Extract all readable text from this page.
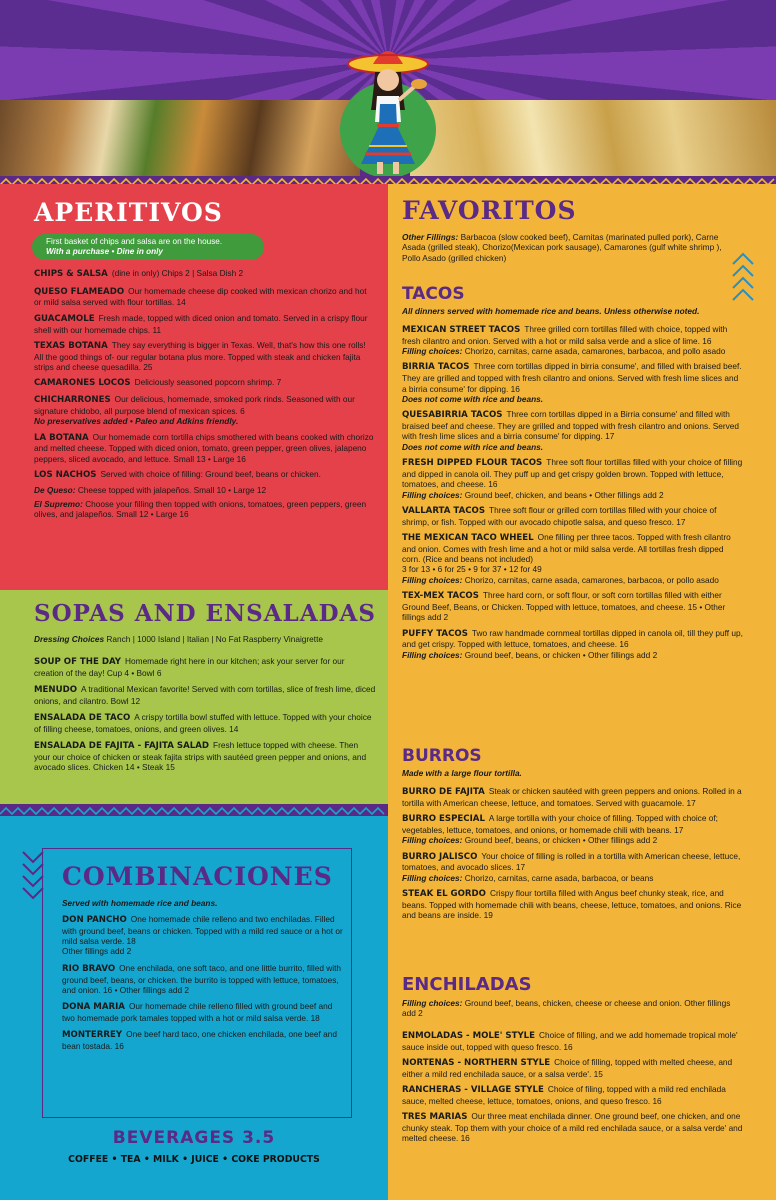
APERITIVOS
First basket of chips and salsa are on the house.
With a purchase • Dine in only
CHIPS & SALSA (dine in only) Chips 2 | Salsa Dish 2
QUESO FLAMEADO Our homemade cheese dip cooked with mexican chorizo and hot or mild salsa served with flour tortillas. 14
GUACAMOLE Fresh made, topped with diced onion and tomato. Served in a crispy flour shell with our homemade chips. 11
TEXAS BOTANA They say everything is bigger in Texas. Well, that's how this one rolls! All the good things of- our regular botana plus more. Topped with steak and chicken fajita strips and cheese quesadilla. 25
CAMARONES LOCOS Deliciously seasoned popcorn shrimp. 7
CHICHARRONES Our delicious, homemade, smoked pork rinds. Seasoned with our signature chidobo, all purpose blend of mexican spices. 6
No preservatives added • Paleo and Adkins friendly.
LA BOTANA Our homemade corn tortilla chips smothered with beans cooked with chorizo and melted cheese. Topped with diced onion, tomato, green pepper, green olives, jalapeno peppers, sliced avocado, and lettuce. Small 13 • Large 16
LOS NACHOS Served with choice of filling: Ground beef, beans or chicken.
De Queso: Cheese topped with jalapeños. Small 10 • Large 12
El Supremo: Choose your filling then topped with onions, tomatoes, green peppers, green olives, and jalapeños. Small 12 • Large 16
SOPAS AND ENSALADAS
Dressing Choices Ranch | 1000 Island | Italian | No Fat Raspberry Vinaigrette
SOUP OF THE DAY Homemade right here in our kitchen; ask your server for our creation of the day! Cup 4 • Bowl 6
MENUDO A traditional Mexican favorite! Served with corn tortillas, slice of fresh lime, diced onions, and cilantro. Bowl 12
ENSALADA DE TACO A crispy tortilla bowl stuffed with lettuce. Topped with your choice of filling cheese, tomatoes, onions, and green olives. 14
ENSALADA DE FAJITA - FAJITA SALAD Fresh lettuce topped with cheese. Then your our choice of chicken or steak fajita strips with sautéed green pepper and onions, and avocado slices. Chicken 14 • Steak 15
COMBINACIONES
Served with homemade rice and beans.
DON PANCHO One homemade chile relleno and two enchiladas. Filled with ground beef, beans or chicken. Topped with a mild red sauce or a hot or mild salsa verde. 18
Other fillings add 2
RIO BRAVO One enchilada, one soft taco, and one little burrito, filled with ground beef, beans, or chicken. the burrito is topped with lettuce, tomatoes, and onion. 16 • Other fillings add 2
DONA MARIA Our homemade chile relleno filled with ground beef and two homemade pork tamales topped with a hot or mild salsa verde. 18
MONTERREY One beef hard taco, one chicken enchilada, one beef and bean tostada. 16
BEVERAGES 3.5
COFFEE • TEA • MILK • JUICE • COKE PRODUCTS
FAVORITOS
Other Fillings: Barbacoa (slow cooked beef), Carnitas (marinated pulled pork), Carne Asada (grilled steak), Chorizo(Mexican pork sausage), Camarones (gulf white shrimp ), Pollo Asado (grilled chicken)
TACOS
All dinners served with homemade rice and beans. Unless otherwise noted.
MEXICAN STREET TACOS Three grilled corn tortillas filled with choice, topped with fresh cilantro and onion. Served with a hot or mild salsa verde and a slice of lime. 16
Filling choices: Chorizo, carnitas, carne asada, camarones, barbacoa, and pollo asado
BIRRIA TACOS Three corn tortillas dipped in birria consume', and filled with braised beef. They are grilled and topped with fresh cilantro and onions. Served with fresh lime slices and a birria consume' for dipping. 16
Does not come with rice and beans.
QUESABIRRIA TACOS Three corn tortillas dipped in a Birria consume' and filled with braised beef and cheese. They are grilled and topped with fresh cilantro and onions. Served with fresh lime slices and a birria consume' for dipping. 17
Does not come with rice and beans.
FRESH DIPPED FLOUR TACOS Three soft flour tortillas filled with your choice of filling and dipped in canola oil. They puff up and get crispy golden brown. Topped with lettuce, tomatoes, and cheese. 16
Filling choices: Ground beef, chicken, and beans • Other fillings add 2
VALLARTA TACOS Three soft flour or grilled corn tortillas filled with your choice of shrimp, or fish. Topped with our avocado chipotle salsa, and queso fresco. 17
THE MEXICAN TACO WHEEL One filling per three tacos. Topped with fresh cilantro and onion. Comes with fresh lime and a hot or mild salsa verde. All tortillas fresh dipped corn. (Rice and beans not included)
3 for 13 • 6 for 25 • 9 for 37 • 12 for 49
Filling choices: Chorizo, carnitas, carne asada, camarones, barbacoa, or pollo asado
TEX-MEX TACOS Three hard corn, or soft flour, or soft corn tortillas filled with either Ground Beef, Beans, or Chicken. Topped with lettuce, tomatoes, and cheese. 15 • Other fillings add 2
PUFFY TACOS Two raw handmade cornmeal tortillas dipped in canola oil, till they puff up, and get crispy. Topped with lettuce, tomatoes, and cheese. 16
Filling choices: Ground beef, beans, or chicken • Other fillings add 2
BURROS
Made with a large flour tortilla.
BURRO DE FAJITA Steak or chicken sautéed with green peppers and onions. Rolled in a tortilla with American cheese, lettuce, and tomatoes. Served with guacamole. 17
BURRO ESPECIAL A large tortilla with your choice of filling. Topped with choice of; vegetables, lettuce, tomatoes, and onions, or homemade chili with beans. 17
Filling choices: Ground beef, beans, or chicken • Other fillings add 2
BURRO JALISCO Your choice of filling is rolled in a tortilla with American cheese, lettuce, tomatoes, and avocado slices. 17
Filling choices: Chorizo, carnitas, carne asada, barbacoa, or beans
STEAK EL GORDO Crispy flour tortilla filled with Angus beef chunky steak, rice, and beans. Topped with homemade chili with beans, cheese, lettuce, tomatoes, and onions. Rice and beans are inside. 19
ENCHILADAS
Filling choices: Ground beef, beans, chicken, cheese or cheese and onion. Other fillings add 2
ENMOLADAS - MOLE' STYLE Choice of filling, and we add homemade tropical mole' sauce inside out, topped with queso fresco. 16
NORTENAS - NORTHERN STYLE Choice of filling, topped with melted cheese, and either a mild red enchilada sauce, or a salsa verde'. 15
RANCHERAS - VILLAGE STYLE Choice of filing, topped with a mild red enchilada sauce, melted cheese, lettuce, tomatoes, onions, and queso fresco. 16
TRES MARIAS Our three meat enchilada dinner. One ground beef, one chicken, and one chunky steak. Top them with your choice of a mild red enchilada sauce, or a salsa verde' and melted cheese. 16
